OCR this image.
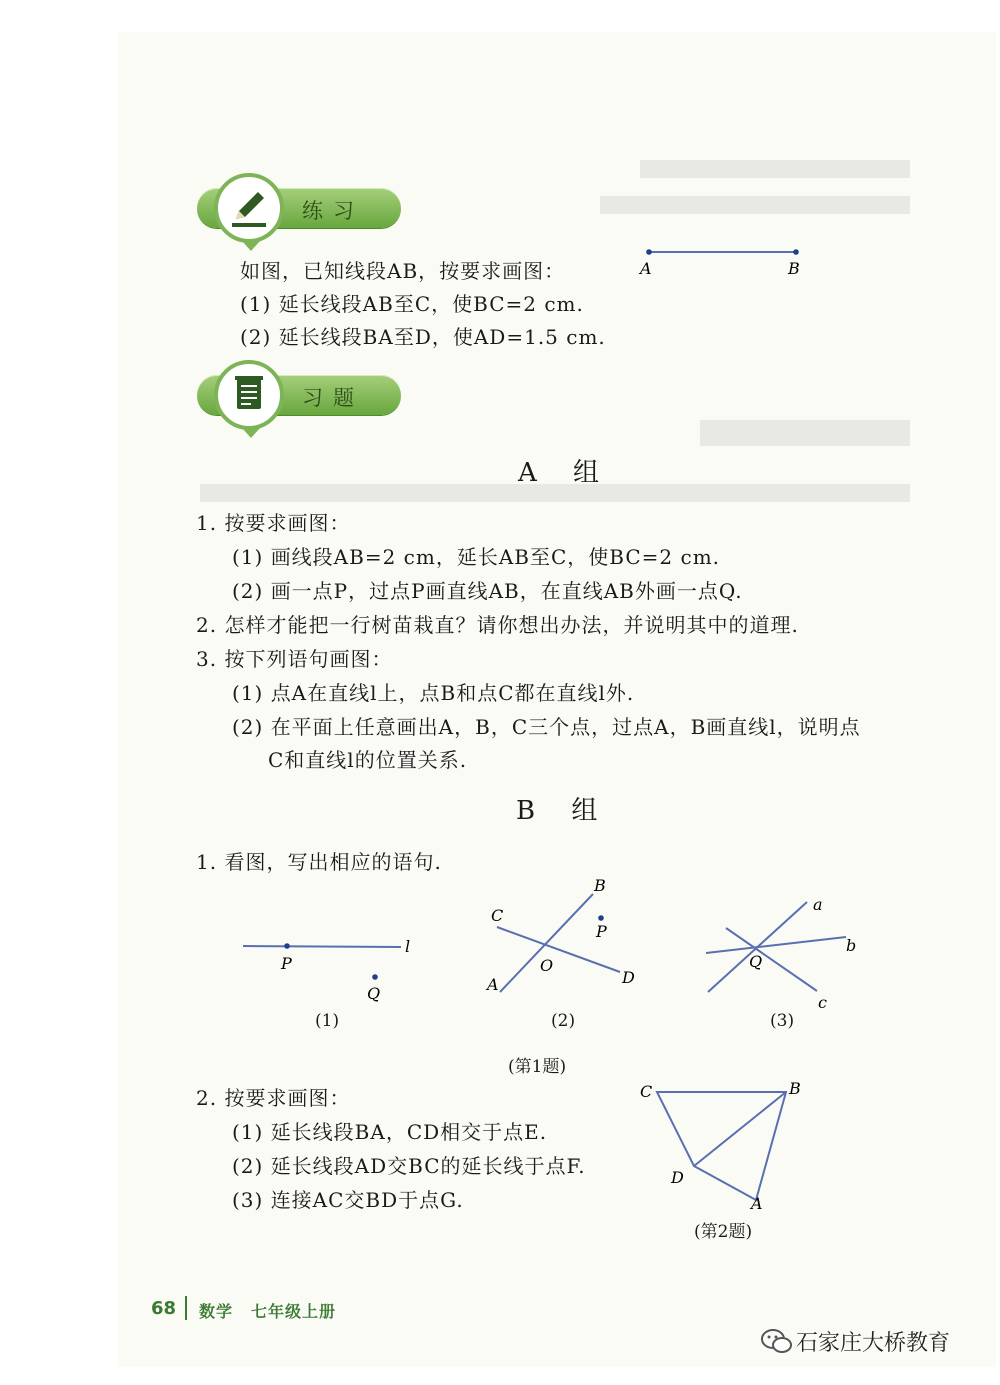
练习
如图，已知线段AB，按要求画图：
(1) 延长线段AB至C，使BC=2 cm.
(2) 延长线段BA至D，使AD=1.5 cm.
A	B
习题
A 组
1. 按要求画图：
(1) 画线段AB=2 cm，延长AB至C，使BC=2 cm.
(2) 画一点P，过点P画直线AB，在直线AB外画一点Q.
2. 怎样才能把一行树苗栽直？请你想出办法，并说明其中的道理.
3. 按下列语句画图：
(1) 点A在直线l上，点B和点C都在直线l外.
(2) 在平面上任意画出A，B，C三个点，过点A，B画直线l，说明点
C和直线l的位置关系.
B 组
1. 看图，写出相应的语句.
P
l
Q
(1)
B
C
P
O
D
A
(2)
a
b
Q
c
(3)
(第1题)
2. 按要求画图：
(1) 延长线段BA，CD相交于点E.
(2) 延长线段AD交BC的延长线于点F.
(3) 连接AC交BD于点G.
C	B
D
A
(第2题)
68 数学 七年级上册
石家庄大桥教育
